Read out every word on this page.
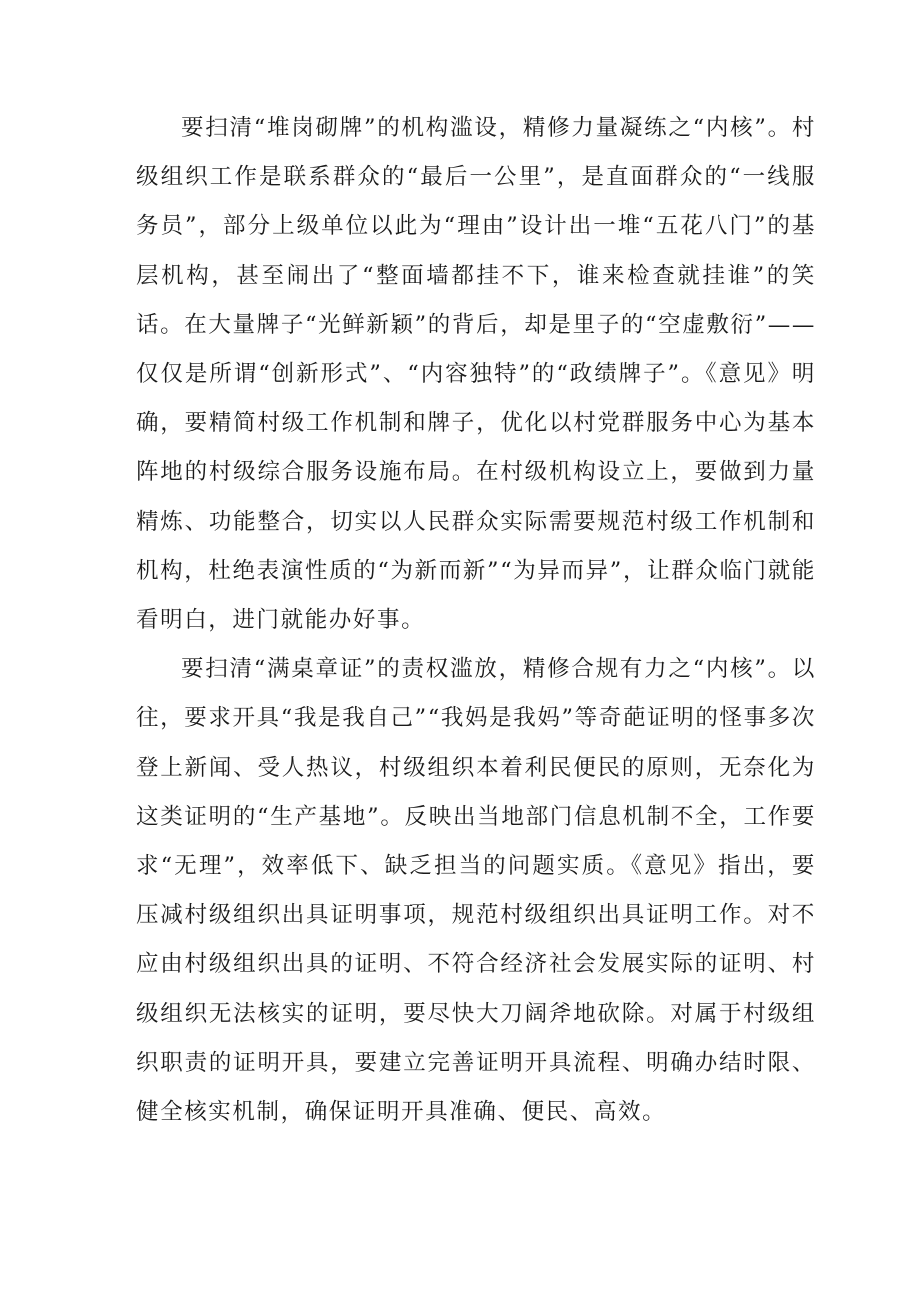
要扫清“堆岗砌牌”的机构滥设，精修力量凝练之“内核”。村级组织工作是联系群众的“最后一公里”，是直面群众的“一线服务员”，部分上级单位以此为“理由”设计出一堆“五花八门”的基层机构，甚至闹出了“整面墙都挂不下，谁来检查就挂谁”的笑话。在大量牌子“光鲜新颖”的背后，却是里子的“空虚敷衍”——仅仅是所谓“创新形式”、“内容独特”的“政绩牌子”。《意见》明确，要精简村级工作机制和牌子，优化以村党群服务中心为基本阵地的村级综合服务设施布局。在村级机构设立上，要做到力量精炼、功能整合，切实以人民群众实际需要规范村级工作机制和机构，杜绝表演性质的“为新而新”“为异而异”，让群众临门就能看明白，进门就能办好事。

要扫清“满桌章证”的责权滥放，精修合规有力之“内核”。以往，要求开具“我是我自己”“我妈是我妈”等奇葩证明的怪事多次登上新闻、受人热议，村级组织本着利民便民的原则，无奈化为这类证明的“生产基地”。反映出当地部门信息机制不全，工作要求“无理”，效率低下、缺乏担当的问题实质。《意见》指出，要压减村级组织出具证明事项，规范村级组织出具证明工作。对不应由村级组织出具的证明、不符合经济社会发展实际的证明、村级组织无法核实的证明，要尽快大刀阔斧地砍除。对属于村级组织职责的证明开具，要建立完善证明开具流程、明确办结时限、健全核实机制，确保证明开具准确、便民、高效。
